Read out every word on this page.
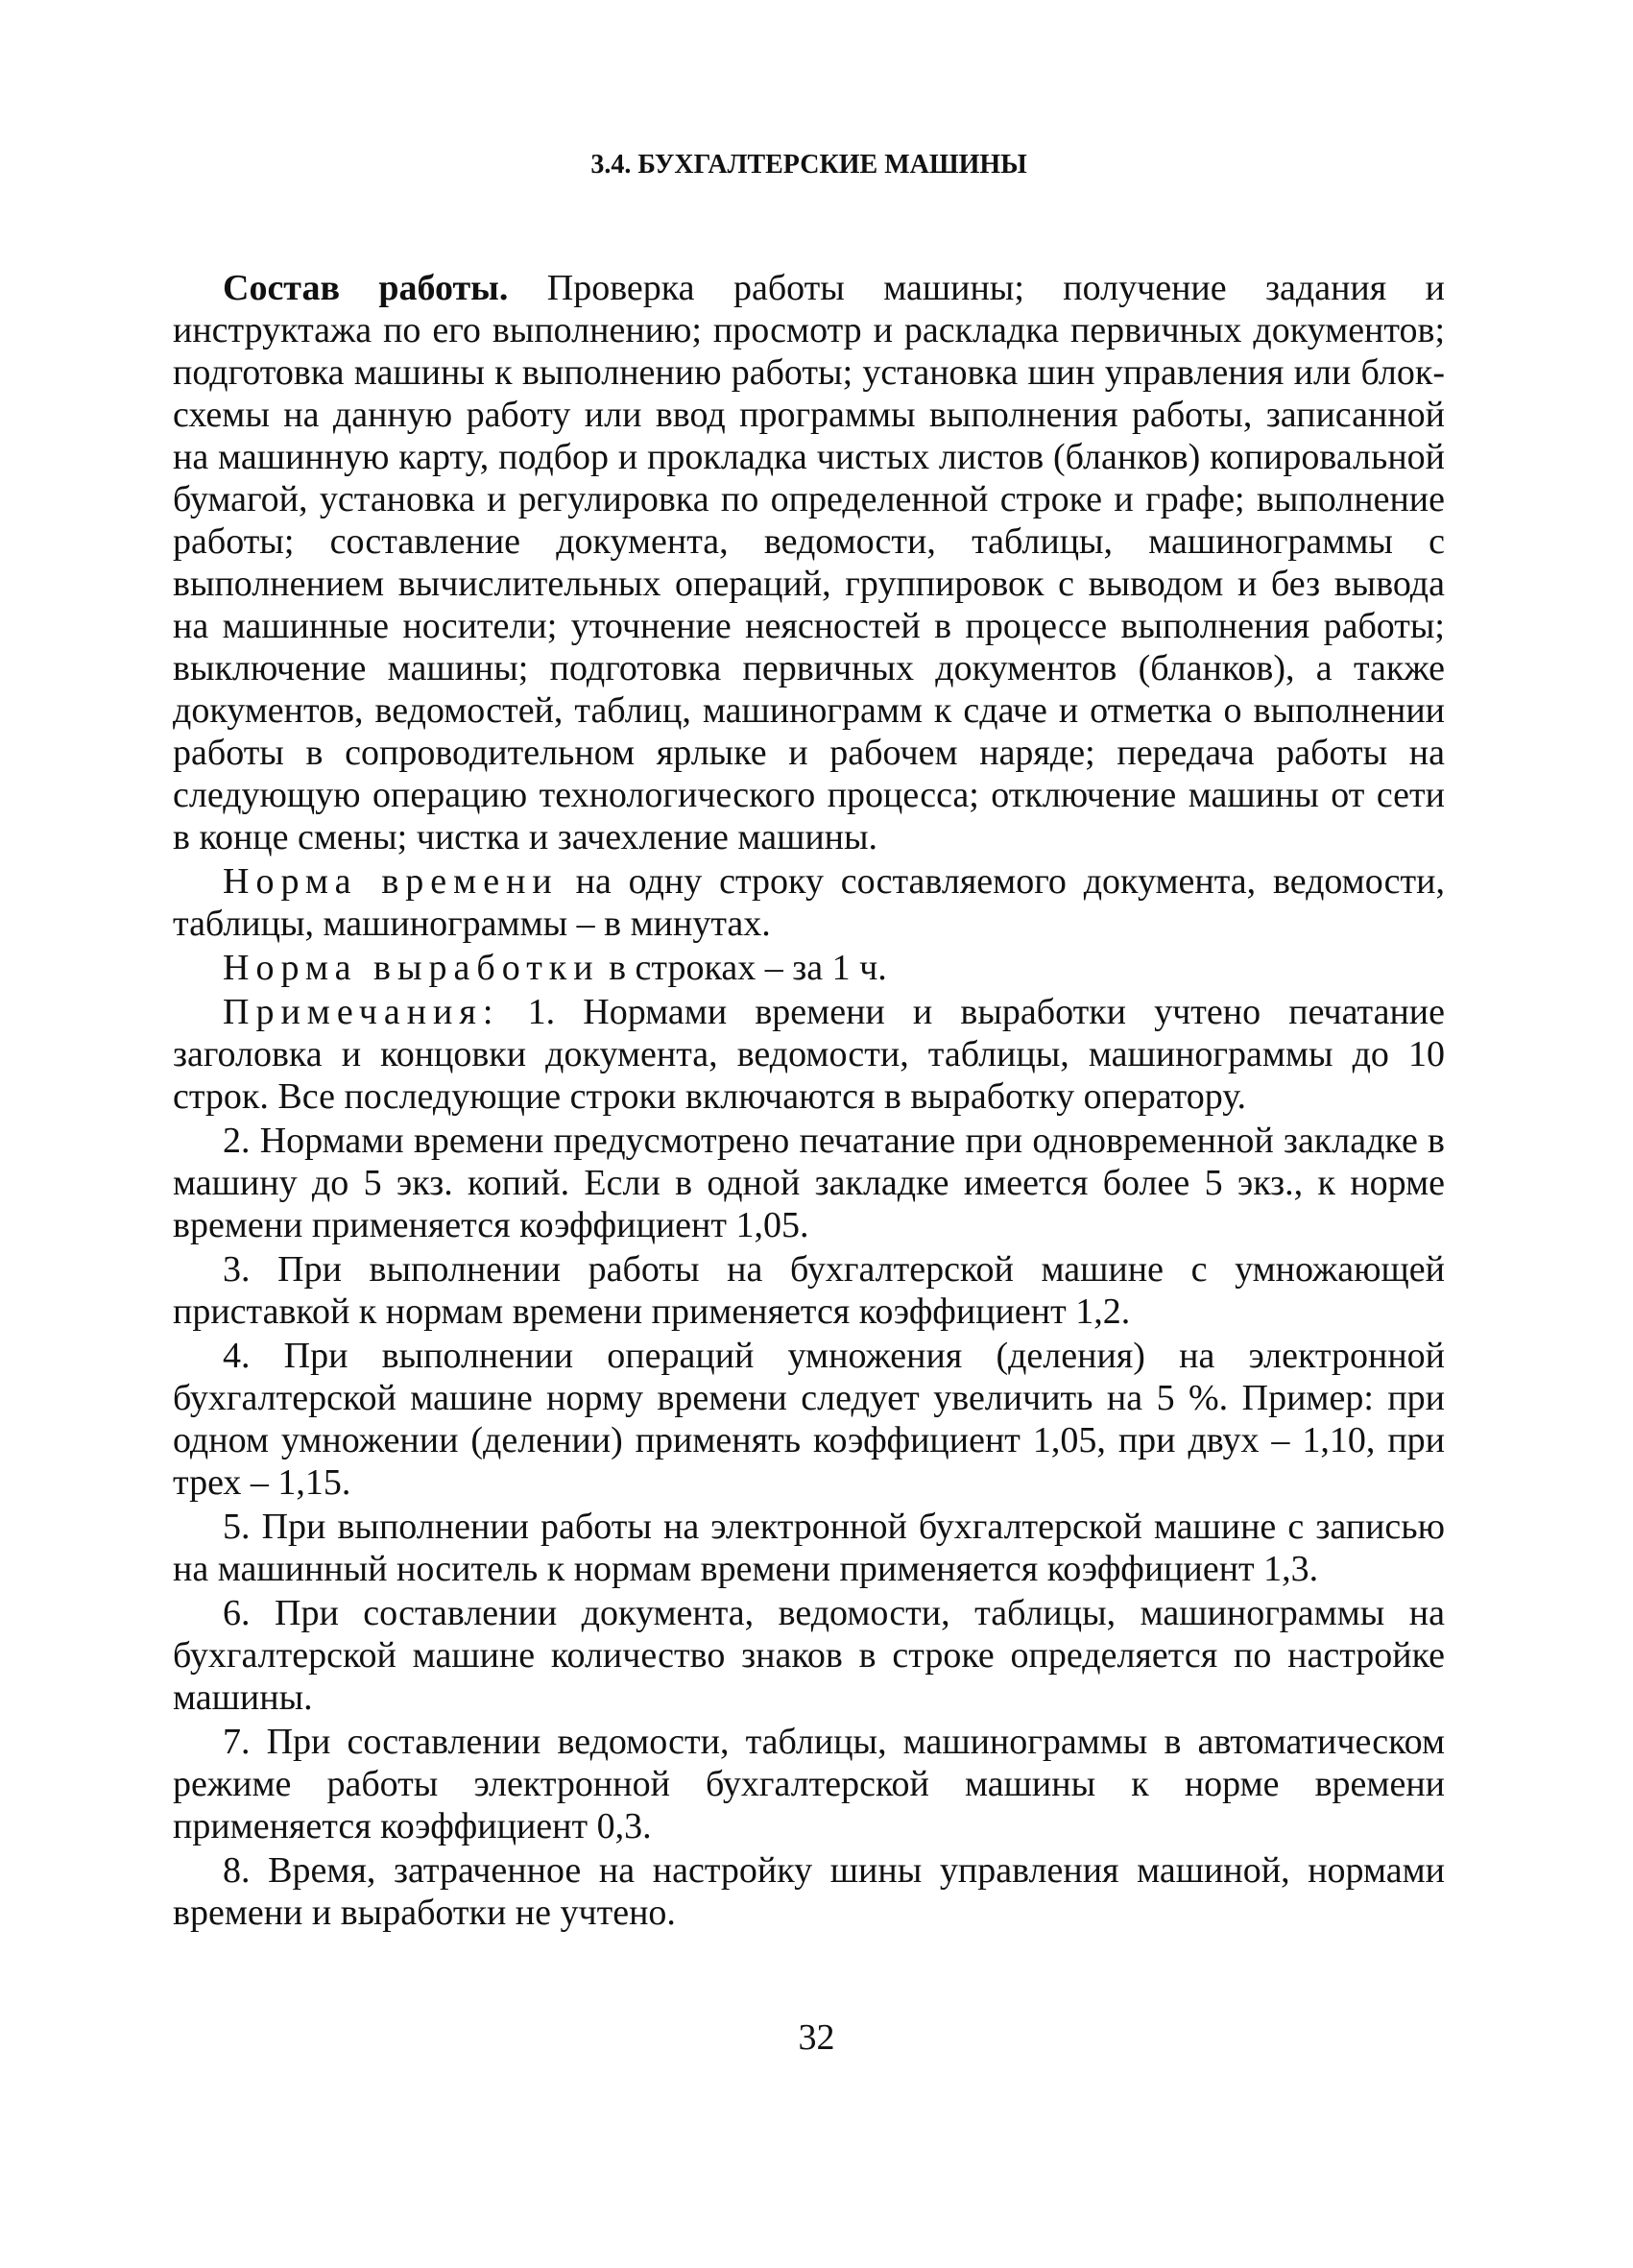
3.4. БУХГАЛТЕРСКИЕ МАШИНЫ

Состав работы. Проверка работы машины; получение задания и инструктажа по его выполнению; просмотр и раскладка первичных документов; подготовка машины к выполнению работы; установка шин управления или блок-схемы на данную работу или ввод программы выполнения работы, записанной на машинную карту, подбор и прокладка чистых листов (бланков) копировальной бумагой, установка и регулировка по определенной строке и графе; выполнение работы; составление документа, ведомости, таблицы, машинограммы с выполнением вычислительных операций, группировок с выводом и без вывода на машинные носители; уточнение неясностей в процессе выполнения работы; выключение машины; подготовка первичных документов (бланков), а также документов, ведомостей, таблиц, машинограмм к сдаче и отметка о выполнении работы в сопроводительном ярлыке и рабочем наряде; передача работы на следующую операцию технологического процесса; отключение машины от сети в конце смены; чистка и зачехление машины.

Норма времени на одну строку составляемого документа, ведомости, таблицы, машинограммы – в минутах.

Норма выработки в строках – за 1 ч.

Примечания: 1. Нормами времени и выработки учтено печатание заголовка и концовки документа, ведомости, таблицы, машинограммы до 10 строк. Все последующие строки включаются в выработку оператору.

2. Нормами времени предусмотрено печатание при одновременной закладке в машину до 5 экз. копий. Если в одной закладке имеется более 5 экз., к норме времени применяется коэффициент 1,05.

3. При выполнении работы на бухгалтерской машине с умножающей приставкой к нормам времени применяется коэффициент 1,2.

4. При выполнении операций умножения (деления) на электронной бухгалтерской машине норму времени следует увеличить на 5 %. Пример: при одном умножении (делении) применять коэффициент 1,05, при двух – 1,10, при трех – 1,15.

5. При выполнении работы на электронной бухгалтерской машине с записью на машинный носитель к нормам времени применяется коэффициент 1,3.

6. При составлении документа, ведомости, таблицы, машинограммы на бухгалтерской машине количество знаков в строке определяется по настройке машины.

7. При составлении ведомости, таблицы, машинограммы в автоматическом режиме работы электронной бухгалтерской машины к норме времени применяется коэффициент 0,3.

8. Время, затраченное на настройку шины управления машиной, нормами времени и выработки не учтено.

32
